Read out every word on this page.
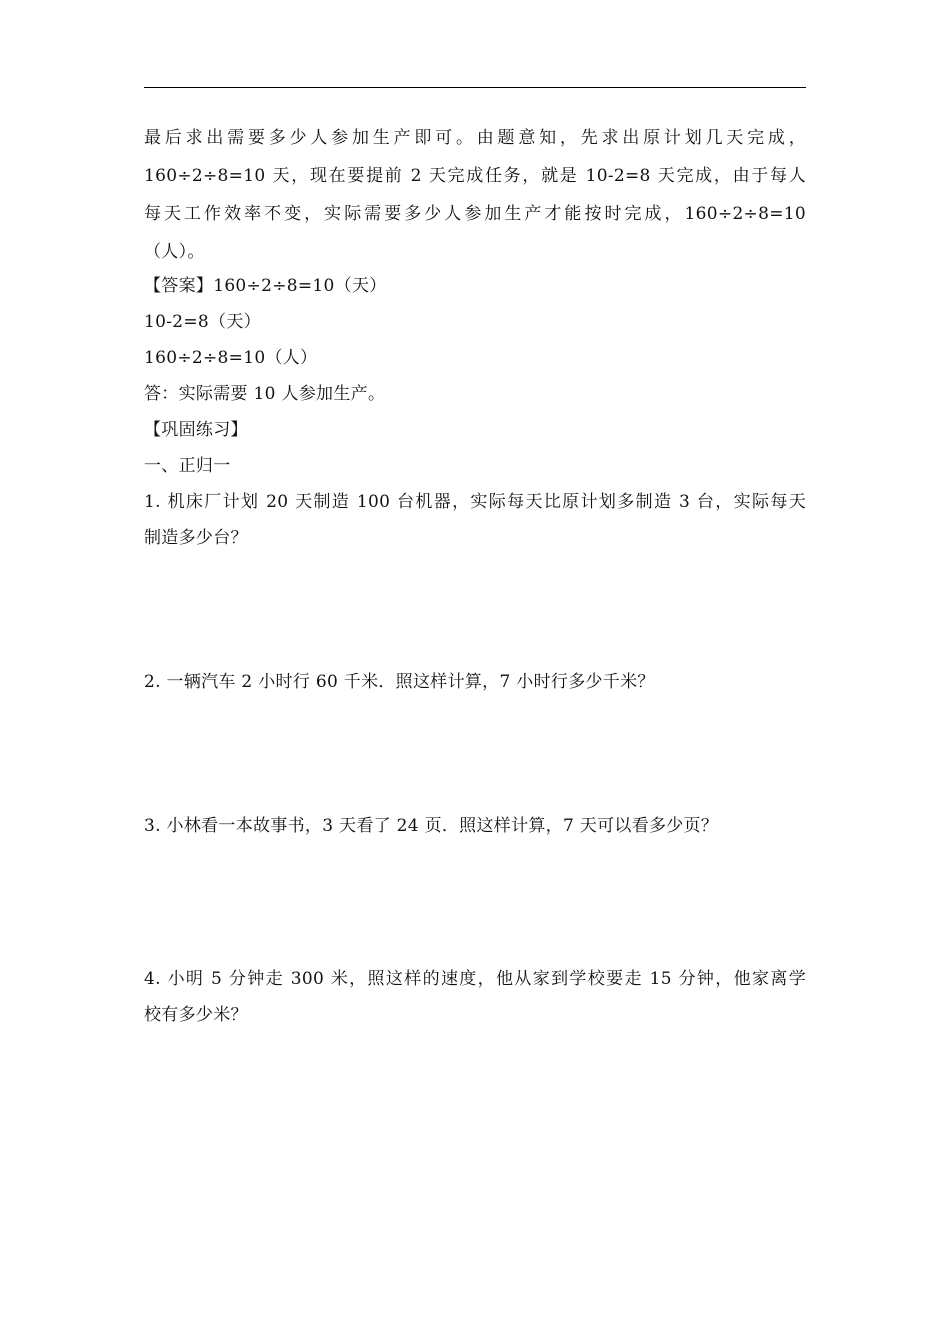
最后求出需要多少人参加生产即可。由题意知，先求出原计划几天完成，
160÷2÷8=10 天，现在要提前 2 天完成任务，就是 10-2=8 天完成，由于每人
每天工作效率不变，实际需要多少人参加生产才能按时完成，160÷2÷8=10
（人）。
【答案】160÷2÷8=10（天）
10-2=8（天）
160÷2÷8=10（人）
答：实际需要 10 人参加生产。
【巩固练习】
一、正归一
1. 机床厂计划 20 天制造 100 台机器，实际每天比原计划多制造 3 台，实际每天
制造多少台？
2. 一辆汽车 2 小时行 60 千米．照这样计算，7 小时行多少千米？
3. 小林看一本故事书，3 天看了 24 页．照这样计算，7 天可以看多少页？
4. 小明 5 分钟走 300 米，照这样的速度，他从家到学校要走 15 分钟，他家离学
校有多少米？
